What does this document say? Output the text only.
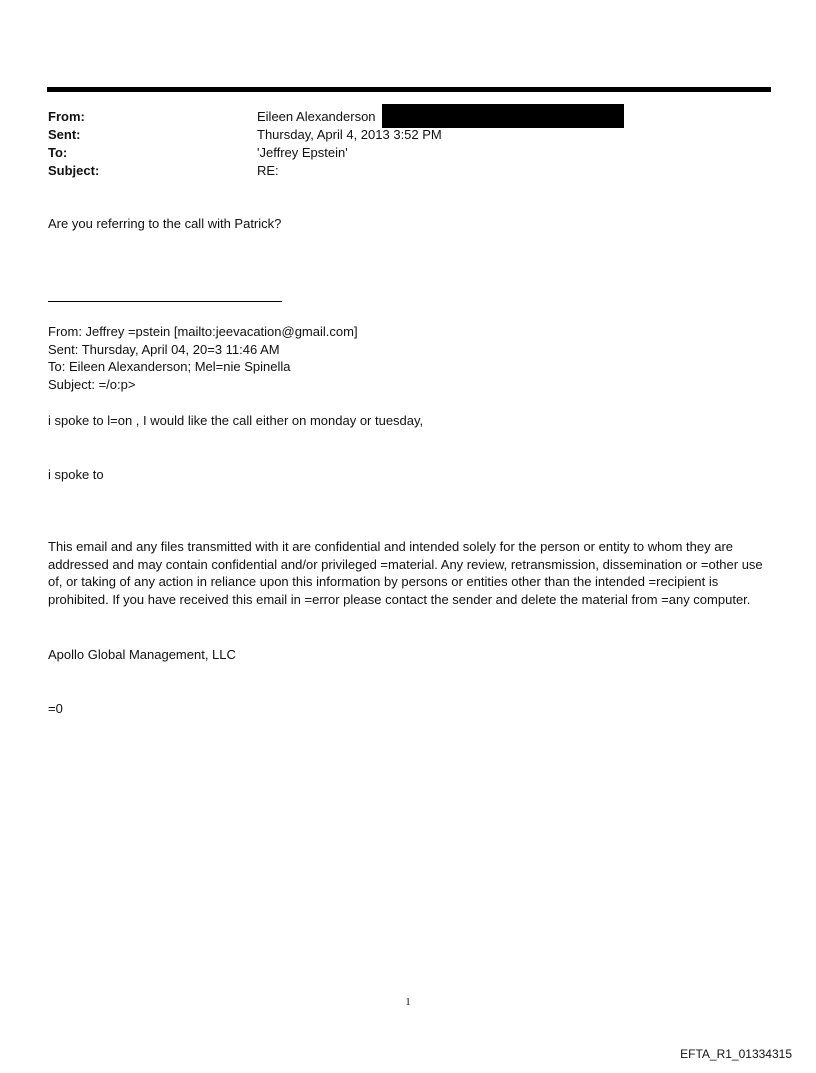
From:	Eileen Alexanderson
Sent:	Thursday, April 4, 2013 3:52 PM
To:	'Jeffrey Epstein'
Subject:	RE:
Are you referring to the call with Patrick?
From: Jeffrey =pstein [mailto:jeevacation@gmail.com]
Sent: Thursday, April 04, 20=3 11:46 AM
To: Eileen Alexanderson; Mel=nie Spinella
Subject: =/o:p>
i spoke to l=on , I would like the call either on monday or tuesday,
i spoke to
This email and any files transmitted with it are confidential and intended solely for the person or entity to whom they are addressed and may contain confidential and/or privileged =material. Any review, retransmission, dissemination or =other use of, or taking of any action in reliance upon this information by persons or entities other than the intended =recipient is prohibited. If you have received this email in =error please contact the sender and delete the material from =any computer.
Apollo Global Management, LLC
=0
1
EFTA_R1_01334315
